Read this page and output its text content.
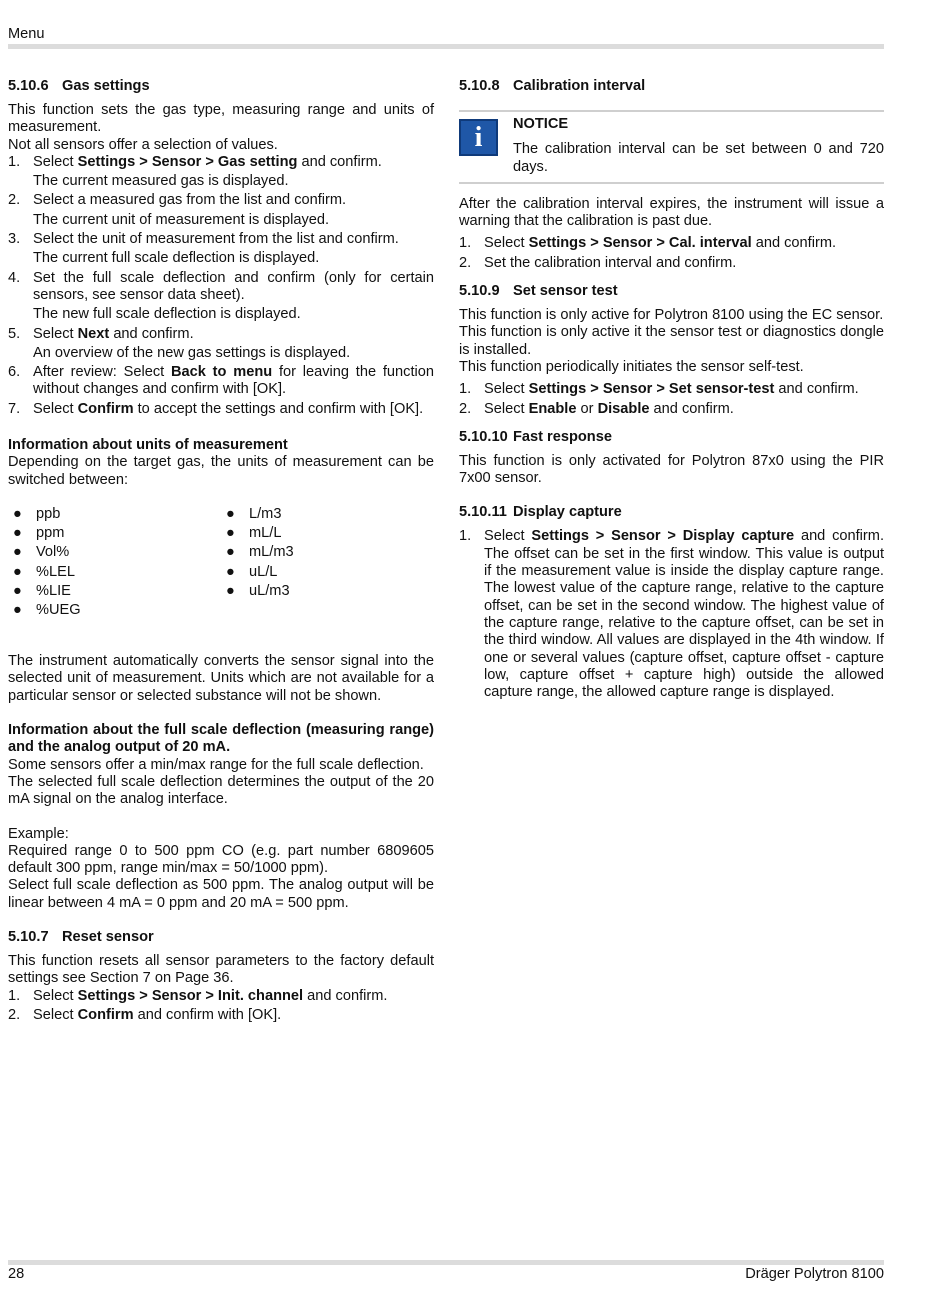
Menu
5.10.6 Gas settings

This function sets the gas type, measuring range and units of measurement.

Not all sensors offer a selection of values.

1. Select Settings > Sensor > Gas setting and confirm.
The current measured gas is displayed.
2. Select a measured gas from the list and confirm.
The current unit of measurement is displayed.
3. Select the unit of measurement from the list and confirm.
The current full scale deflection is displayed.
4. Set the full scale deflection and confirm (only for certain sensors, see sensor data sheet).
The new full scale deflection is displayed.
5. Select Next and confirm.
An overview of the new gas settings is displayed.
6. After review: Select Back to menu for leaving the function without changes and confirm with [OK].
7. Select Confirm to accept the settings and confirm with [OK].

Information about units of measurement

Depending on the target gas, the units of measurement can be switched between:

● ppb	● L/m3
● ppm	● mL/L
● Vol%	● mL/m3
● %LEL	● uL/L
● %LIE	● uL/m3
● %UEG

The instrument automatically converts the sensor signal into the selected unit of measurement. Units which are not available for a particular sensor or selected substance will not be shown.

Information about the full scale deflection (measuring range) and the analog output of 20 mA.

Some sensors offer a min/max range for the full scale deflection.

The selected full scale deflection determines the output of the 20 mA signal on the analog interface.

Example:

Required range 0 to 500 ppm CO (e.g. part number 6809605 default 300 ppm, range min/max = 50/1000 ppm).

Select full scale deflection as 500 ppm. The analog output will be linear between 4 mA = 0 ppm and 20 mA = 500 ppm.

5.10.7 Reset sensor

This function resets all sensor parameters to the factory default settings see Section 7 on Page 36.

1. Select Settings > Sensor > Init. channel and confirm.
2. Select Confirm and confirm with [OK].
5.10.8 Calibration interval
i	NOTICE

The calibration interval can be set between 0 and 720 days.

After the calibration interval expires, the instrument will issue a warning that the calibration is past due.

1. Select Settings > Sensor > Cal. interval and confirm.
2. Set the calibration interval and confirm.
5.10.9 Set sensor test

This function is only active for Polytron 8100 using the EC sensor.

This function is only active it the sensor test or diagnostics dongle is installed.

This function periodically initiates the sensor self-test.

1. Select Settings > Sensor > Set sensor-test and confirm.
2. Select Enable or Disable and confirm.
5.10.10 Fast response

This function is only activated for Polytron 87x0 using the PIR 7x00 sensor.

5.10.11 Display capture
1. Select Settings > Sensor > Display capture and confirm. The offset can be set in the first window. This value is output if the measurement value is inside the display capture range. The lowest value of the capture range, relative to the capture offset, can be set in the second window. The highest value of the capture range, relative to the capture offset, can be set in the third window. All values are displayed in the 4th window. If one or several values (capture offset, capture offset - capture low, capture offset + capture high) outside the allowed capture range, the allowed capture range is displayed.
28	Dräger Polytron 8100
